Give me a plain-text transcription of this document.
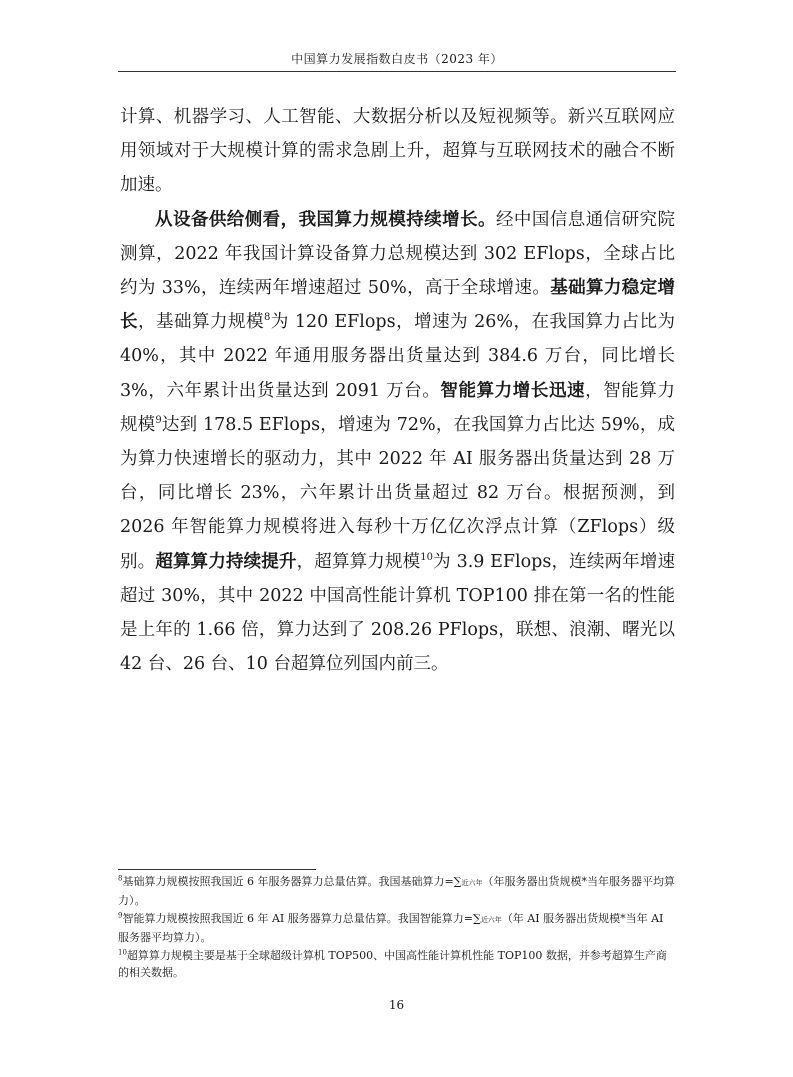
中国算力发展指数白皮书（2023 年）

计算、机器学习、人工智能、大数据分析以及短视频等。新兴互联网应用领域对于大规模计算的需求急剧上升，超算与互联网技术的融合不断加速。

从设备供给侧看，我国算力规模持续增长。经中国信息通信研究院测算，2022 年我国计算设备算力总规模达到 302 EFlops，全球占比约为 33%，连续两年增速超过 50%，高于全球增速。基础算力稳定增长，基础算力规模$^8$为 120 EFlops，增速为 26%，在我国算力占比为 40%，其中 2022 年通用服务器出货量达到 384.6 万台，同比增长 3%，六年累计出货量达到 2091 万台。智能算力增长迅速，智能算力规模$^9$达到 178.5 EFlops，增速为 72%，在我国算力占比达 59%，成为算力快速增长的驱动力，其中 2022 年 AI 服务器出货量达到 28 万台，同比增长 23%，六年累计出货量超过 82 万台。根据预测，到 2026 年智能算力规模将进入每秒十万亿亿次浮点计算（ZFlops）级别。超算算力持续提升，超算算力规模$^{10}$为 3.9 EFlops，连续两年增速超过 30%，其中 2022 中国高性能计算机 TOP100 排在第一名的性能是上年的 1.66 倍，算力达到了 208.26 PFlops，联想、浪潮、曙光以 42 台、26 台、10 台超算位列国内前三。

$^8$基础算力规模按照我国近 6 年服务器算力总量估算。我国基础算力=∑近六年（年服务器出货规模*当年服务器平均算力）。

$^9$智能算力规模按照我国近 6 年 AI 服务器算力总量估算。我国智能算力=∑近六年（年 AI 服务器出货规模*当年 AI 服务器平均算力）。

$^{10}$超算算力规模主要是基于全球超级计算机 TOP500、中国高性能计算机性能 TOP100 数据，并参考超算生产商的相关数据。

16
